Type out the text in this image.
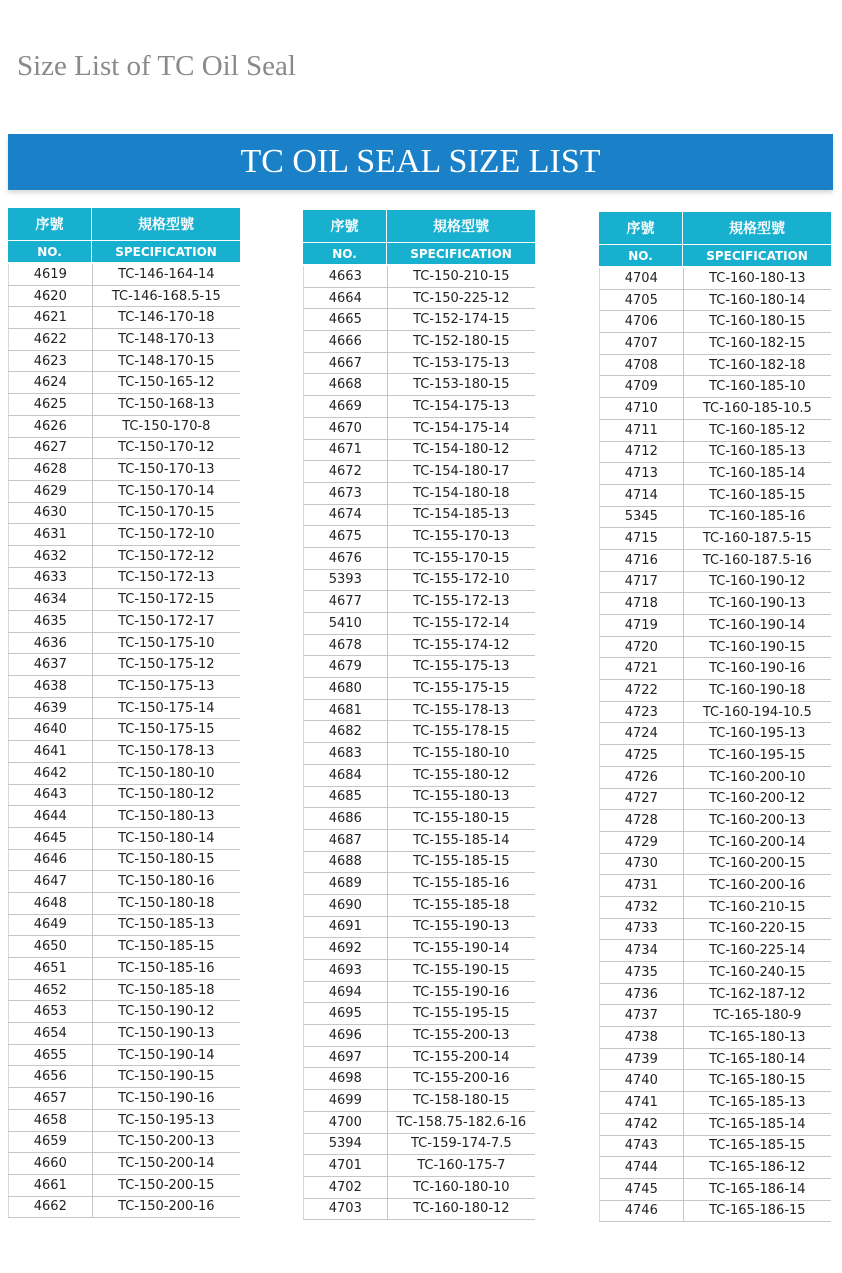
Size List of TC Oil Seal
TC OIL SEAL SIZE LIST
序號	規格型號
NO.	SPECIFICATION
4619	TC-146-164-14
4620	TC-146-168.5-15
4621	TC-146-170-18
4622	TC-148-170-13
4623	TC-148-170-15
4624	TC-150-165-12
4625	TC-150-168-13
4626	TC-150-170-8
4627	TC-150-170-12
4628	TC-150-170-13
4629	TC-150-170-14
4630	TC-150-170-15
4631	TC-150-172-10
4632	TC-150-172-12
4633	TC-150-172-13
4634	TC-150-172-15
4635	TC-150-172-17
4636	TC-150-175-10
4637	TC-150-175-12
4638	TC-150-175-13
4639	TC-150-175-14
4640	TC-150-175-15
4641	TC-150-178-13
4642	TC-150-180-10
4643	TC-150-180-12
4644	TC-150-180-13
4645	TC-150-180-14
4646	TC-150-180-15
4647	TC-150-180-16
4648	TC-150-180-18
4649	TC-150-185-13
4650	TC-150-185-15
4651	TC-150-185-16
4652	TC-150-185-18
4653	TC-150-190-12
4654	TC-150-190-13
4655	TC-150-190-14
4656	TC-150-190-15
4657	TC-150-190-16
4658	TC-150-195-13
4659	TC-150-200-13
4660	TC-150-200-14
4661	TC-150-200-15
4662	TC-150-200-16
序號	規格型號
NO.	SPECIFICATION
4663	TC-150-210-15
4664	TC-150-225-12
4665	TC-152-174-15
4666	TC-152-180-15
4667	TC-153-175-13
4668	TC-153-180-15
4669	TC-154-175-13
4670	TC-154-175-14
4671	TC-154-180-12
4672	TC-154-180-17
4673	TC-154-180-18
4674	TC-154-185-13
4675	TC-155-170-13
4676	TC-155-170-15
5393	TC-155-172-10
4677	TC-155-172-13
5410	TC-155-172-14
4678	TC-155-174-12
4679	TC-155-175-13
4680	TC-155-175-15
4681	TC-155-178-13
4682	TC-155-178-15
4683	TC-155-180-10
4684	TC-155-180-12
4685	TC-155-180-13
4686	TC-155-180-15
4687	TC-155-185-14
4688	TC-155-185-15
4689	TC-155-185-16
4690	TC-155-185-18
4691	TC-155-190-13
4692	TC-155-190-14
4693	TC-155-190-15
4694	TC-155-190-16
4695	TC-155-195-15
4696	TC-155-200-13
4697	TC-155-200-14
4698	TC-155-200-16
4699	TC-158-180-15
4700	TC-158.75-182.6-16
5394	TC-159-174-7.5
4701	TC-160-175-7
4702	TC-160-180-10
4703	TC-160-180-12
序號	規格型號
NO.	SPECIFICATION
4704	TC-160-180-13
4705	TC-160-180-14
4706	TC-160-180-15
4707	TC-160-182-15
4708	TC-160-182-18
4709	TC-160-185-10
4710	TC-160-185-10.5
4711	TC-160-185-12
4712	TC-160-185-13
4713	TC-160-185-14
4714	TC-160-185-15
5345	TC-160-185-16
4715	TC-160-187.5-15
4716	TC-160-187.5-16
4717	TC-160-190-12
4718	TC-160-190-13
4719	TC-160-190-14
4720	TC-160-190-15
4721	TC-160-190-16
4722	TC-160-190-18
4723	TC-160-194-10.5
4724	TC-160-195-13
4725	TC-160-195-15
4726	TC-160-200-10
4727	TC-160-200-12
4728	TC-160-200-13
4729	TC-160-200-14
4730	TC-160-200-15
4731	TC-160-200-16
4732	TC-160-210-15
4733	TC-160-220-15
4734	TC-160-225-14
4735	TC-160-240-15
4736	TC-162-187-12
4737	TC-165-180-9
4738	TC-165-180-13
4739	TC-165-180-14
4740	TC-165-180-15
4741	TC-165-185-13
4742	TC-165-185-14
4743	TC-165-185-15
4744	TC-165-186-12
4745	TC-165-186-14
4746	TC-165-186-15
